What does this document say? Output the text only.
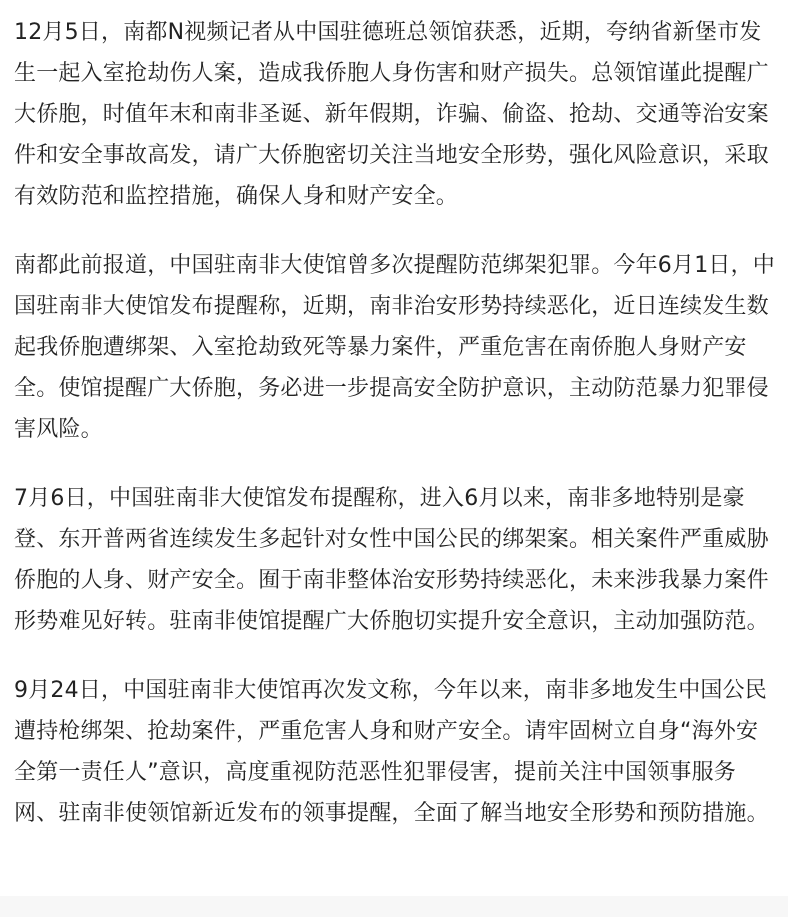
12月5日，南都N视频记者从中国驻德班总领馆获悉，近期，夸纳省新堡市发生一起入室抢劫伤人案，造成我侨胞人身伤害和财产损失。总领馆谨此提醒广大侨胞，时值年末和南非圣诞、新年假期，诈骗、偷盗、抢劫、交通等治安案件和安全事故高发，请广大侨胞密切关注当地安全形势，强化风险意识，采取有效防范和监控措施，确保人身和财产安全。

南都此前报道，中国驻南非大使馆曾多次提醒防范绑架犯罪。今年6月1日，中国驻南非大使馆发布提醒称，近期，南非治安形势持续恶化，近日连续发生数起我侨胞遭绑架、入室抢劫致死等暴力案件，严重危害在南侨胞人身财产安全。使馆提醒广大侨胞，务必进一步提高安全防护意识，主动防范暴力犯罪侵害风险。

7月6日，中国驻南非大使馆发布提醒称，进入6月以来，南非多地特别是豪登、东开普两省连续发生多起针对女性中国公民的绑架案。相关案件严重威胁侨胞的人身、财产安全。囿于南非整体治安形势持续恶化，未来涉我暴力案件形势难见好转。驻南非使馆提醒广大侨胞切实提升安全意识，主动加强防范。

9月24日，中国驻南非大使馆再次发文称，今年以来，南非多地发生中国公民遭持枪绑架、抢劫案件，严重危害人身和财产安全。请牢固树立自身“海外安全第一责任人”意识，高度重视防范恶性犯罪侵害，提前关注中国领事服务网、驻南非使领馆新近发布的领事提醒，全面了解当地安全形势和预防措施。
